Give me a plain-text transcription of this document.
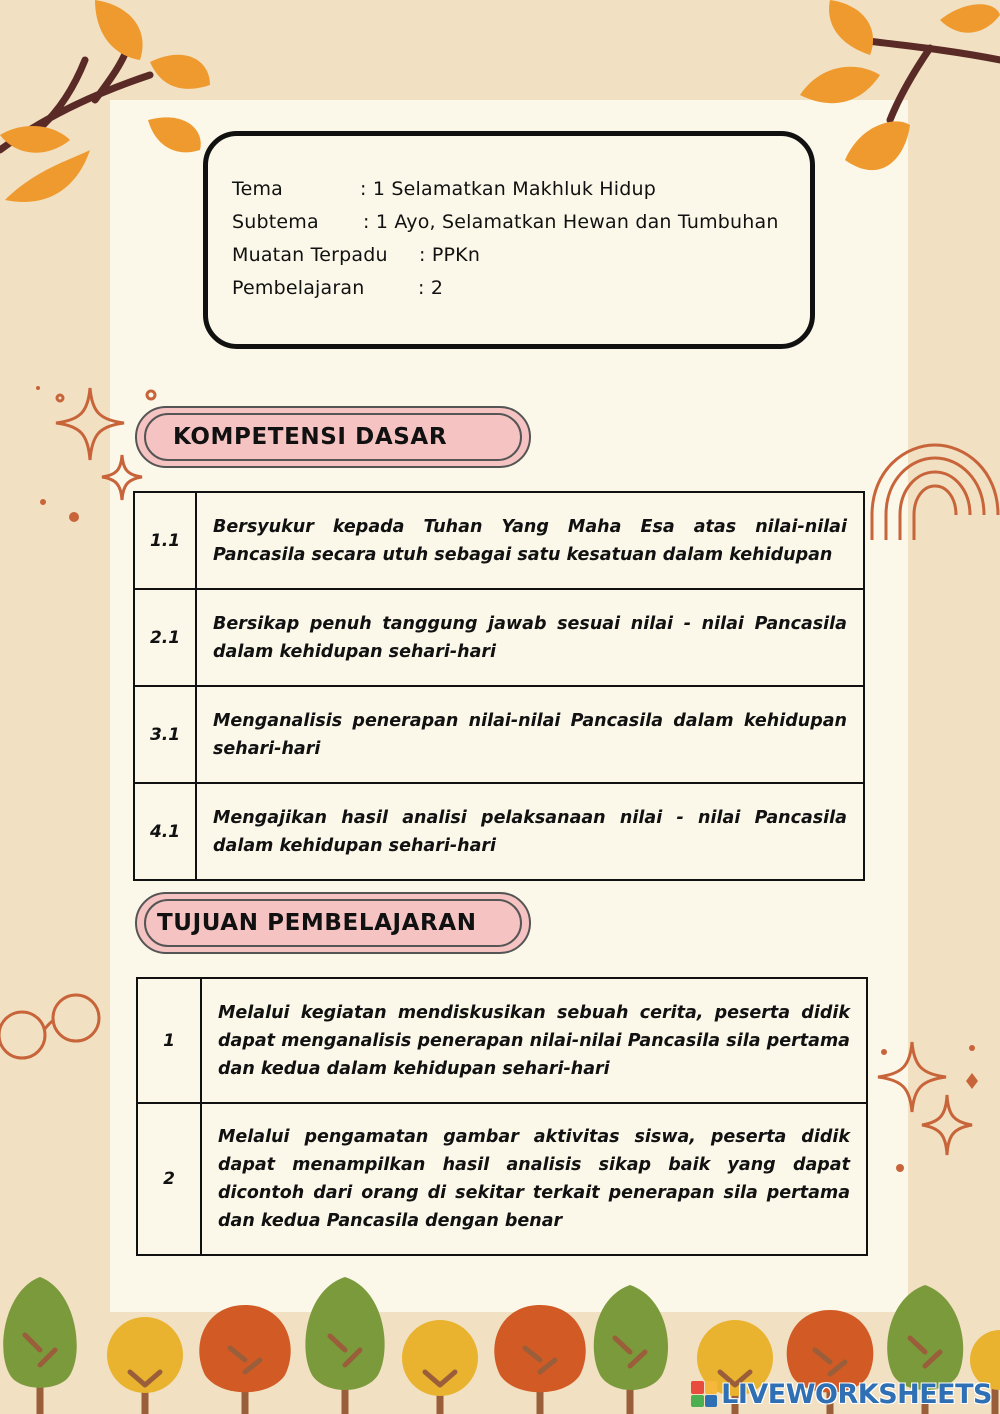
Tema	: 1 Selamatkan Makhluk Hidup
Subtema : 1 Ayo, Selamatkan Hewan dan Tumbuhan
Muatan Terpadu : PPKn
Pembelajaran	: 2
KOMPETENSI DASAR
1.1	Bersyukur kepada Tuhan Yang Maha Esa atas nilai-nilai Pancasila secara utuh sebagai satu kesatuan dalam kehidupan
2.1	Bersikap penuh tanggung jawab sesuai nilai - nilai Pancasila dalam kehidupan sehari-hari
3.1	Menganalisis penerapan nilai-nilai Pancasila dalam kehidupan sehari-hari
4.1	Mengajikan hasil analisi pelaksanaan nilai - nilai Pancasila dalam kehidupan sehari-hari
TUJUAN PEMBELAJARAN
1	Melalui kegiatan mendiskusikan sebuah cerita, peserta didik dapat menganalisis penerapan nilai-nilai Pancasila sila pertama dan kedua dalam kehidupan sehari-hari
2	Melalui pengamatan gambar aktivitas siswa, peserta didik dapat menampilkan hasil analisis sikap baik yang dapat dicontoh dari orang di sekitar terkait penerapan sila pertama dan kedua Pancasila dengan benar
LIVEWORKSHEETS
